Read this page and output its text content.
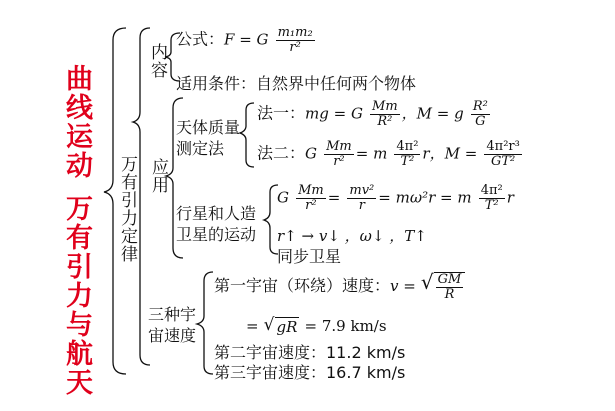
曲线运动
万有引力与航天 万有引力定律
内容
公式：F = G $\frac{\text{m₁m₂}}{\text{r²}}$
适用条件：自然界中任何两个物体
应用
天体质量测定法
法一：mg = G $\frac{Mm}{\text{R²}}$ ，M = g $\frac{\text{R²}}{G}$
法二：G $\frac{Mm}{\text{r²}} = m \frac{\text{4π²}}{\text{T²}}$ r，$M = \frac{\text{4π²r³}}{\text{GT²}}$
行星和人造卫星的运动
G $\frac{Mm}{\text{r²}} = \frac{\text{mv²}}{r} = m\omega^2r = m \frac{\text{4π²}}{\text{T²}}$ r
r↑ → v↓ ，ω↓ ，T↑
同步卫星
三种宇宙速度
第一宇宙（环绕）速度：v = √ $\frac{GM}{R}$
= √ gR = 7.9 km/s
第二宇宙速度：11.2 km/s
第三宇宙速度：16.7 km/s
